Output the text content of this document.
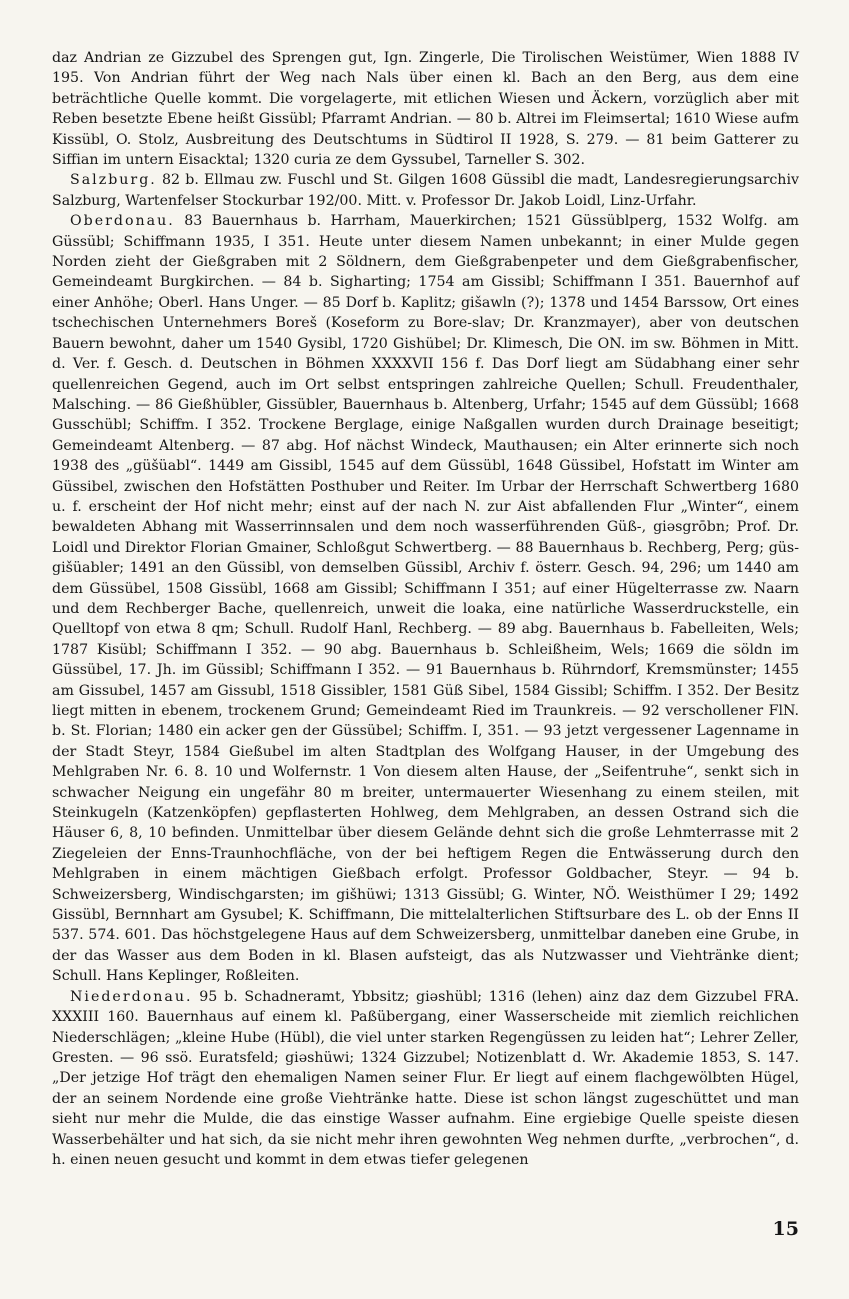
daz Andrian ze Gizzubel des Sprengen gut, Ign. Zingerle, Die Tirolischen Weistümer, Wien 1888 IV 195. Von Andrian führt der Weg nach Nals über einen kl. Bach an den Berg, aus dem eine beträchtliche Quelle kommt. Die vorgelagerte, mit etlichen Wiesen und Äckern, vorzüglich aber mit Reben besetzte Ebene heißt Gissübl; Pfarramt Andrian. — 80 b. Altrei im Fleimsertal; 1610 Wiese aufm Kissübl, O. Stolz, Ausbreitung des Deutschtums in Südtirol II 1928, S. 279. — 81 beim Gatterer zu Siffian im untern Eisacktal; 1320 curia ze dem Gyssubel, Tarneller S. 302.

Salzburg. 82 b. Ellmau zw. Fuschl und St. Gilgen 1608 Güssibl die madt, Landesregierungsarchiv Salzburg, Wartenfelser Stockurbar 192/00. Mitt. v. Professor Dr. Jakob Loidl, Linz-Urfahr.

Oberdonau. 83 Bauernhaus b. Harrham, Mauerkirchen; 1521 Güssüblperg, 1532 Wolfg. am Güssübl; Schiffmann 1935, I 351. Heute unter diesem Namen unbekannt; in einer Mulde gegen Norden zieht der Gießgraben mit 2 Söldnern, dem Gießgrabenpeter und dem Gießgrabenfischer, Gemeindeamt Burgkirchen. — 84 b. Sigharting; 1754 am Gissibl; Schiffmann I 351. Bauernhof auf einer Anhöhe; Oberl. Hans Unger. — 85 Dorf b. Kaplitz; gišawln (?); 1378 und 1454 Barssow, Ort eines tschechischen Unternehmers Boreš (Koseform zu Bore-slav; Dr. Kranzmayer), aber von deutschen Bauern bewohnt, daher um 1540 Gysibl, 1720 Gishübel; Dr. Klimesch, Die ON. im sw. Böhmen in Mitt. d. Ver. f. Gesch. d. Deutschen in Böhmen XXXXVII 156 f. Das Dorf liegt am Südabhang einer sehr quellenreichen Gegend, auch im Ort selbst entspringen zahlreiche Quellen; Schull. Freudenthaler, Malsching. — 86 Gießhübler, Gissübler, Bauernhaus b. Altenberg, Urfahr; 1545 auf dem Güssübl; 1668 Gusschübl; Schiffm. I 352. Trockene Berglage, einige Naßgallen wurden durch Drainage beseitigt; Gemeindeamt Altenberg. — 87 abg. Hof nächst Windeck, Mauthausen; ein Alter erinnerte sich noch 1938 des „güšüabl“. 1449 am Gissibl, 1545 auf dem Güssübl, 1648 Güssibel, Hofstatt im Winter am Güssibel, zwischen den Hofstätten Posthuber und Reiter. Im Urbar der Herrschaft Schwertberg 1680 u. f. erscheint der Hof nicht mehr; einst auf der nach N. zur Aist abfallenden Flur „Winter“, einem bewaldeten Abhang mit Wasserrinnsalen und dem noch wasserführenden Güß-, giəsgrōbn; Prof. Dr. Loidl und Direktor Florian Gmainer, Schloßgut Schwertberg. — 88 Bauernhaus b. Rechberg, Perg; güs-gišüabler; 1491 an den Güssibl, von demselben Güssibl, Archiv f. österr. Gesch. 94, 296; um 1440 am dem Güssübel, 1508 Gissübl, 1668 am Gissibl; Schiffmann I 351; auf einer Hügelterrasse zw. Naarn und dem Rechberger Bache, quellenreich, unweit die loaka, eine natürliche Wasserdruckstelle, ein Quelltopf von etwa 8 qm; Schull. Rudolf Hanl, Rechberg. — 89 abg. Bauernhaus b. Fabelleiten, Wels; 1787 Kisübl; Schiffmann I 352. — 90 abg. Bauernhaus b. Schleißheim, Wels; 1669 die söldn im Güssübel, 17. Jh. im Güssibl; Schiffmann I 352. — 91 Bauernhaus b. Rührndorf, Kremsmünster; 1455 am Gissubel, 1457 am Gissubl, 1518 Gissibler, 1581 Güß Sibel, 1584 Gissibl; Schiffm. I 352. Der Besitz liegt mitten in ebenem, trockenem Grund; Gemeindeamt Ried im Traunkreis. — 92 verschollener FlN. b. St. Florian; 1480 ein acker gen der Güssübel; Schiffm. I, 351. — 93 jetzt vergessener Lagenname in der Stadt Steyr, 1584 Gießubel im alten Stadtplan des Wolfgang Hauser, in der Umgebung des Mehlgraben Nr. 6. 8. 10 und Wolfernstr. 1 Von diesem alten Hause, der „Seifentruhe“, senkt sich in schwacher Neigung ein ungefähr 80 m breiter, untermauerter Wiesenhang zu einem steilen, mit Steinkugeln (Katzenköpfen) gepflasterten Hohlweg, dem Mehlgraben, an dessen Ostrand sich die Häuser 6, 8, 10 befinden. Unmittelbar über diesem Gelände dehnt sich die große Lehmterrasse mit 2 Ziegeleien der Enns-Traunhochfläche, von der bei heftigem Regen die Entwässerung durch den Mehlgraben in einem mächtigen Gießbach erfolgt. Professor Goldbacher, Steyr. — 94 b. Schweizersberg, Windischgarsten; im gišhüwi; 1313 Gissübl; G. Winter, NÖ. Weisthümer I 29; 1492 Gissübl, Bernnhart am Gysubel; K. Schiffmann, Die mittelalterlichen Stiftsurbare des L. ob der Enns II 537. 574. 601. Das höchstgelegene Haus auf dem Schweizersberg, unmittelbar daneben eine Grube, in der das Wasser aus dem Boden in kl. Blasen aufsteigt, das als Nutzwasser und Viehtränke dient; Schull. Hans Keplinger, Roßleiten.

Niederdonau. 95 b. Schadneramt, Ybbsitz; giəshübl; 1316 (lehen) ainz daz dem Gizzubel FRA. XXXIII 160. Bauernhaus auf einem kl. Paßübergang, einer Wasserscheide mit ziemlich reichlichen Niederschlägen; „kleine Hube (Hübl), die viel unter starken Regengüssen zu leiden hat“; Lehrer Zeller, Gresten. — 96 ssö. Euratsfeld; giəshüwi; 1324 Gizzubel; Notizenblatt d. Wr. Akademie 1853, S. 147. „Der jetzige Hof trägt den ehemaligen Namen seiner Flur. Er liegt auf einem flachgewölbten Hügel, der an seinem Nordende eine große Viehtränke hatte. Diese ist schon längst zugeschüttet und man sieht nur mehr die Mulde, die das einstige Wasser aufnahm. Eine ergiebige Quelle speiste diesen Wasserbehälter und hat sich, da sie nicht mehr ihren gewohnten Weg nehmen durfte, „verbrochen“, d. h. einen neuen gesucht und kommt in dem etwas tiefer gelegenen

15
